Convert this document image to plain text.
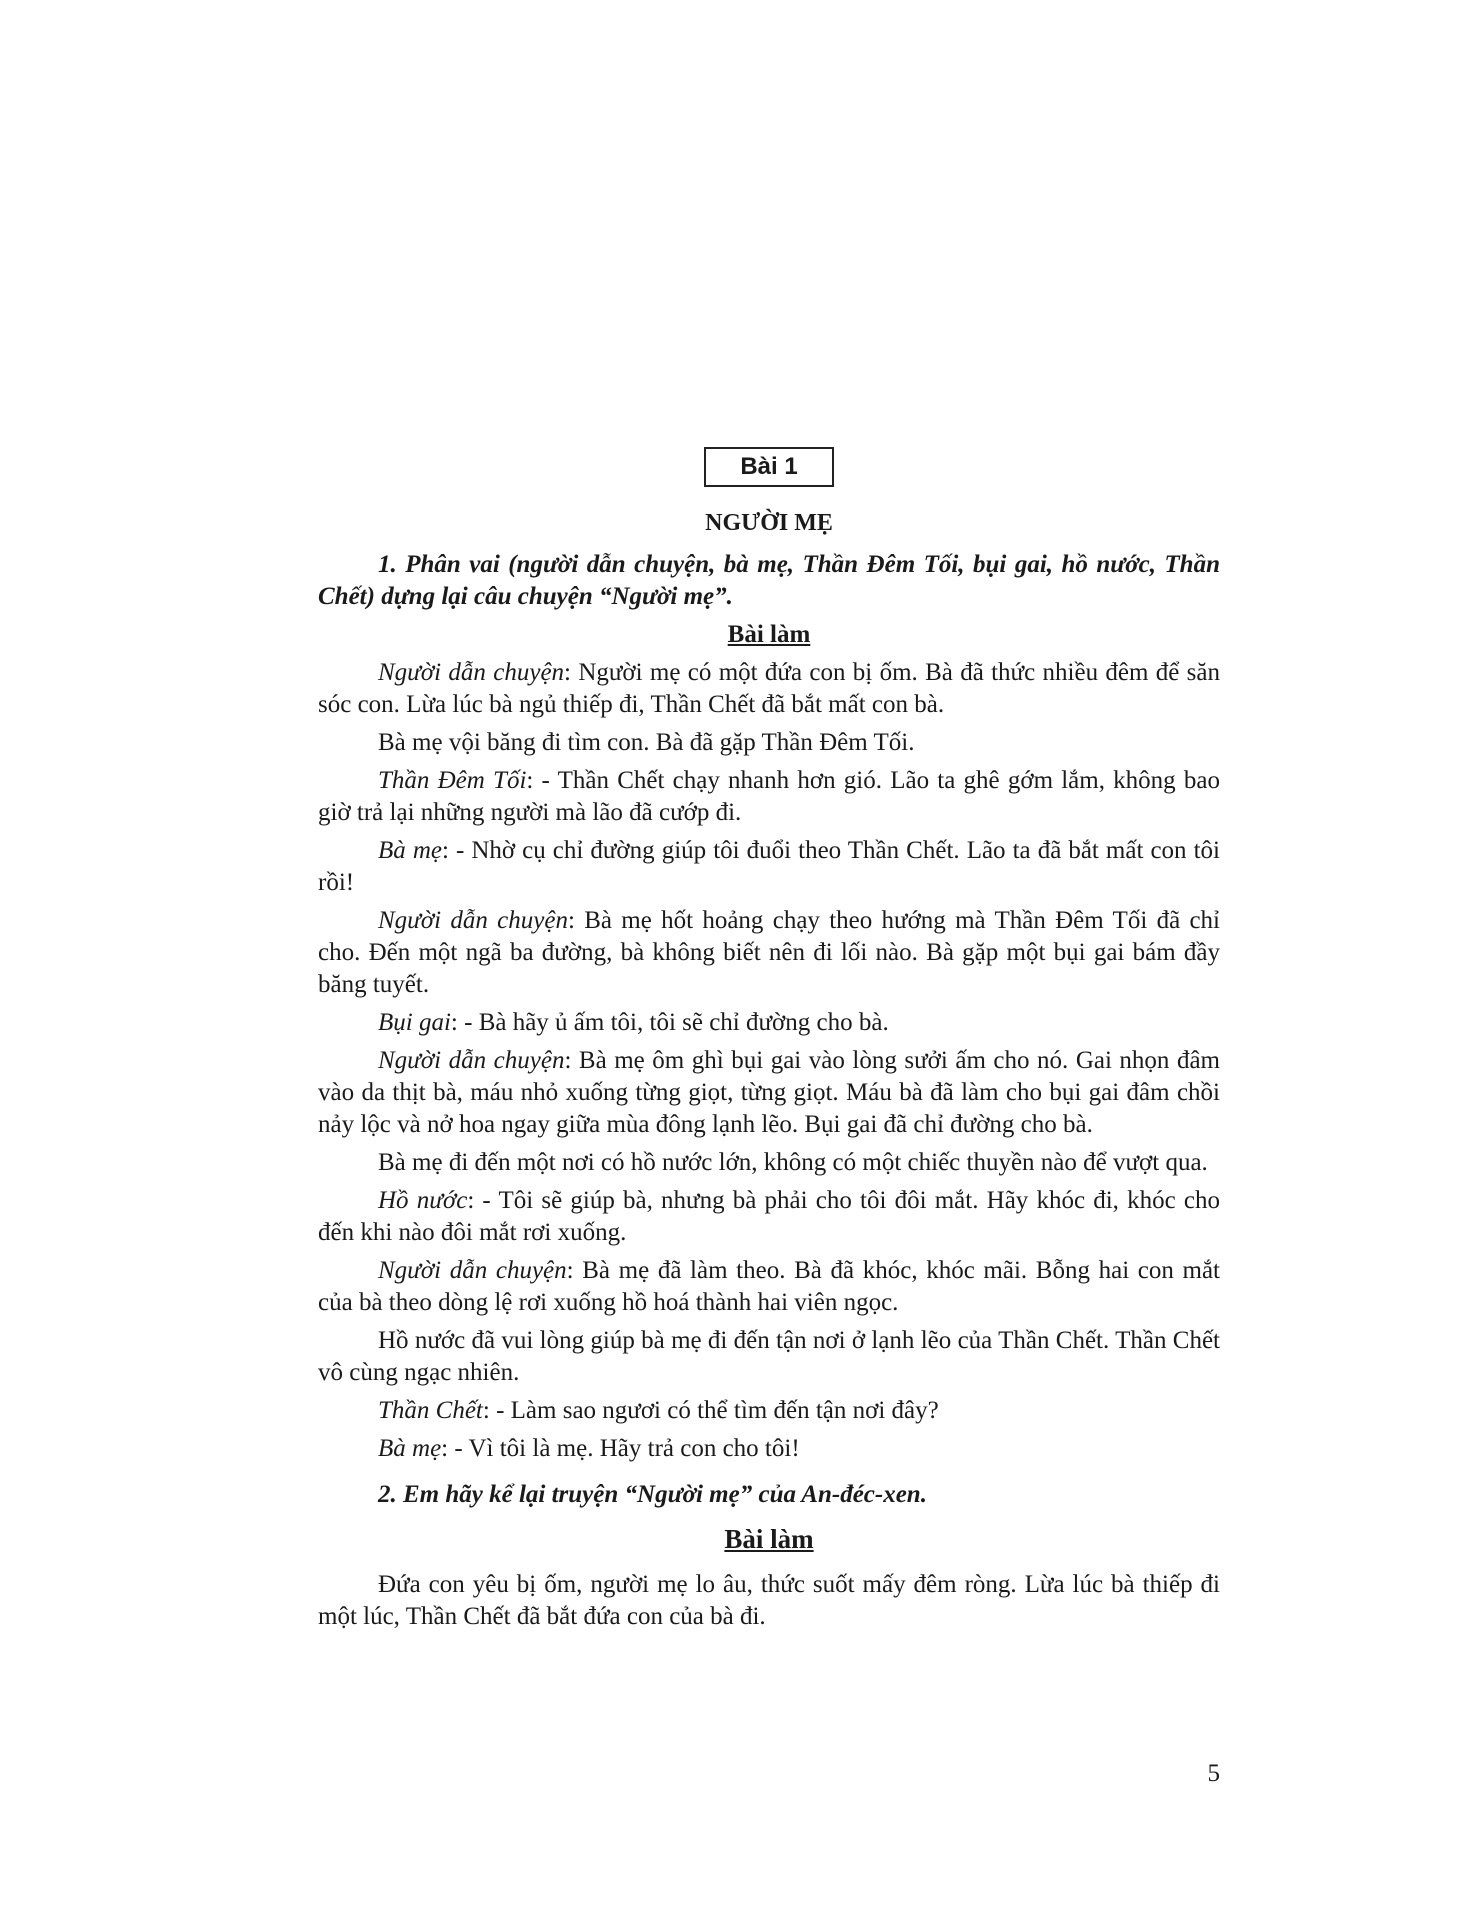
Bài 1
NGƯỜI MẸ

1. Phân vai (người dẫn chuyện, bà mẹ, Thần Đêm Tối, bụi gai, hồ nước, Thần Chết) dựng lại câu chuyện “Người mẹ”.

Bài làm

Người dẫn chuyện: Người mẹ có một đứa con bị ốm. Bà đã thức nhiều đêm để săn sóc con. Lừa lúc bà ngủ thiếp đi, Thần Chết đã bắt mất con bà.

Bà mẹ vội băng đi tìm con. Bà đã gặp Thần Đêm Tối.

Thần Đêm Tối: - Thần Chết chạy nhanh hơn gió. Lão ta ghê gớm lắm, không bao giờ trả lại những người mà lão đã cướp đi.

Bà mẹ: - Nhờ cụ chỉ đường giúp tôi đuổi theo Thần Chết. Lão ta đã bắt mất con tôi rồi!

Người dẫn chuyện: Bà mẹ hốt hoảng chạy theo hướng mà Thần Đêm Tối đã chỉ cho. Đến một ngã ba đường, bà không biết nên đi lối nào. Bà gặp một bụi gai bám đầy băng tuyết.

Bụi gai: - Bà hãy ủ ấm tôi, tôi sẽ chỉ đường cho bà.

Người dẫn chuyện: Bà mẹ ôm ghì bụi gai vào lòng sưởi ấm cho nó. Gai nhọn đâm vào da thịt bà, máu nhỏ xuống từng giọt, từng giọt. Máu bà đã làm cho bụi gai đâm chồi nảy lộc và nở hoa ngay giữa mùa đông lạnh lẽo. Bụi gai đã chỉ đường cho bà.

Bà mẹ đi đến một nơi có hồ nước lớn, không có một chiếc thuyền nào để vượt qua.

Hồ nước: - Tôi sẽ giúp bà, nhưng bà phải cho tôi đôi mắt. Hãy khóc đi, khóc cho đến khi nào đôi mắt rơi xuống.

Người dẫn chuyện: Bà mẹ đã làm theo. Bà đã khóc, khóc mãi. Bỗng hai con mắt của bà theo dòng lệ rơi xuống hồ hoá thành hai viên ngọc.

Hồ nước đã vui lòng giúp bà mẹ đi đến tận nơi ở lạnh lẽo của Thần Chết. Thần Chết vô cùng ngạc nhiên.

Thần Chết: - Làm sao ngươi có thể tìm đến tận nơi đây?

Bà mẹ: - Vì tôi là mẹ. Hãy trả con cho tôi!

2. Em hãy kể lại truyện “Người mẹ” của An-đéc-xen.

Bài làm

Đứa con yêu bị ốm, người mẹ lo âu, thức suốt mấy đêm ròng. Lừa lúc bà thiếp đi một lúc, Thần Chết đã bắt đứa con của bà đi.

5
